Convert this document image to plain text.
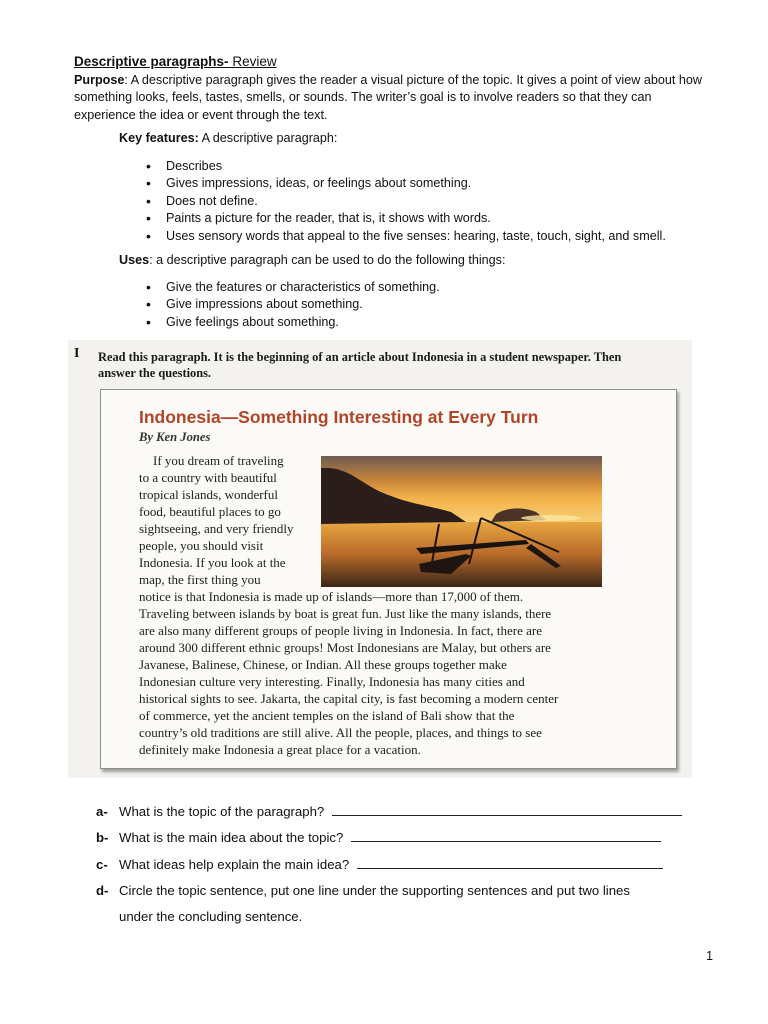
Descriptive paragraphs- Review
Purpose: A descriptive paragraph gives the reader a visual picture of the topic. It gives a point of view about how something looks, feels, tastes, smells, or sounds. The writer’s goal is to involve readers so that they can experience the idea or event through the text.
Key features: A descriptive paragraph:
• Describes
• Gives impressions, ideas, or feelings about something.
• Does not define.
• Paints a picture for the reader, that is, it shows with words.
• Uses sensory words that appeal to the five senses: hearing, taste, touch, sight, and smell.
Uses: a descriptive paragraph can be used to do the following things:
• Give the features or characteristics of something.
• Give impressions about something.
• Give feelings about something.
I Read this paragraph. It is the beginning of an article about Indonesia in a student newspaper. Then answer the questions.
Indonesia—Something Interesting at Every Turn
By Ken Jones
If you dream of traveling
to a country with beautiful
tropical islands, wonderful
food, beautiful places to go
sightseeing, and very friendly
people, you should visit
Indonesia. If you look at the
map, the first thing you
notice is that Indonesia is made up of islands—more than 17,000 of them.
Traveling between islands by boat is great fun. Just like the many islands, there
are also many different groups of people living in Indonesia. In fact, there are
around 300 different ethnic groups! Most Indonesians are Malay, but others are
Javanese, Balinese, Chinese, or Indian. All these groups together make
Indonesian culture very interesting. Finally, Indonesia has many cities and
historical sights to see. Jakarta, the capital city, is fast becoming a modern center
of commerce, yet the ancient temples on the island of Bali show that the
country’s old traditions are still alive. All the people, places, and things to see
definitely make Indonesia a great place for a vacation.
a- What is the topic of the paragraph?
b- What is the main idea about the topic?
c- What ideas help explain the main idea?
d- Circle the topic sentence, put one line under the supporting sentences and put two lines
under the concluding sentence.
1
